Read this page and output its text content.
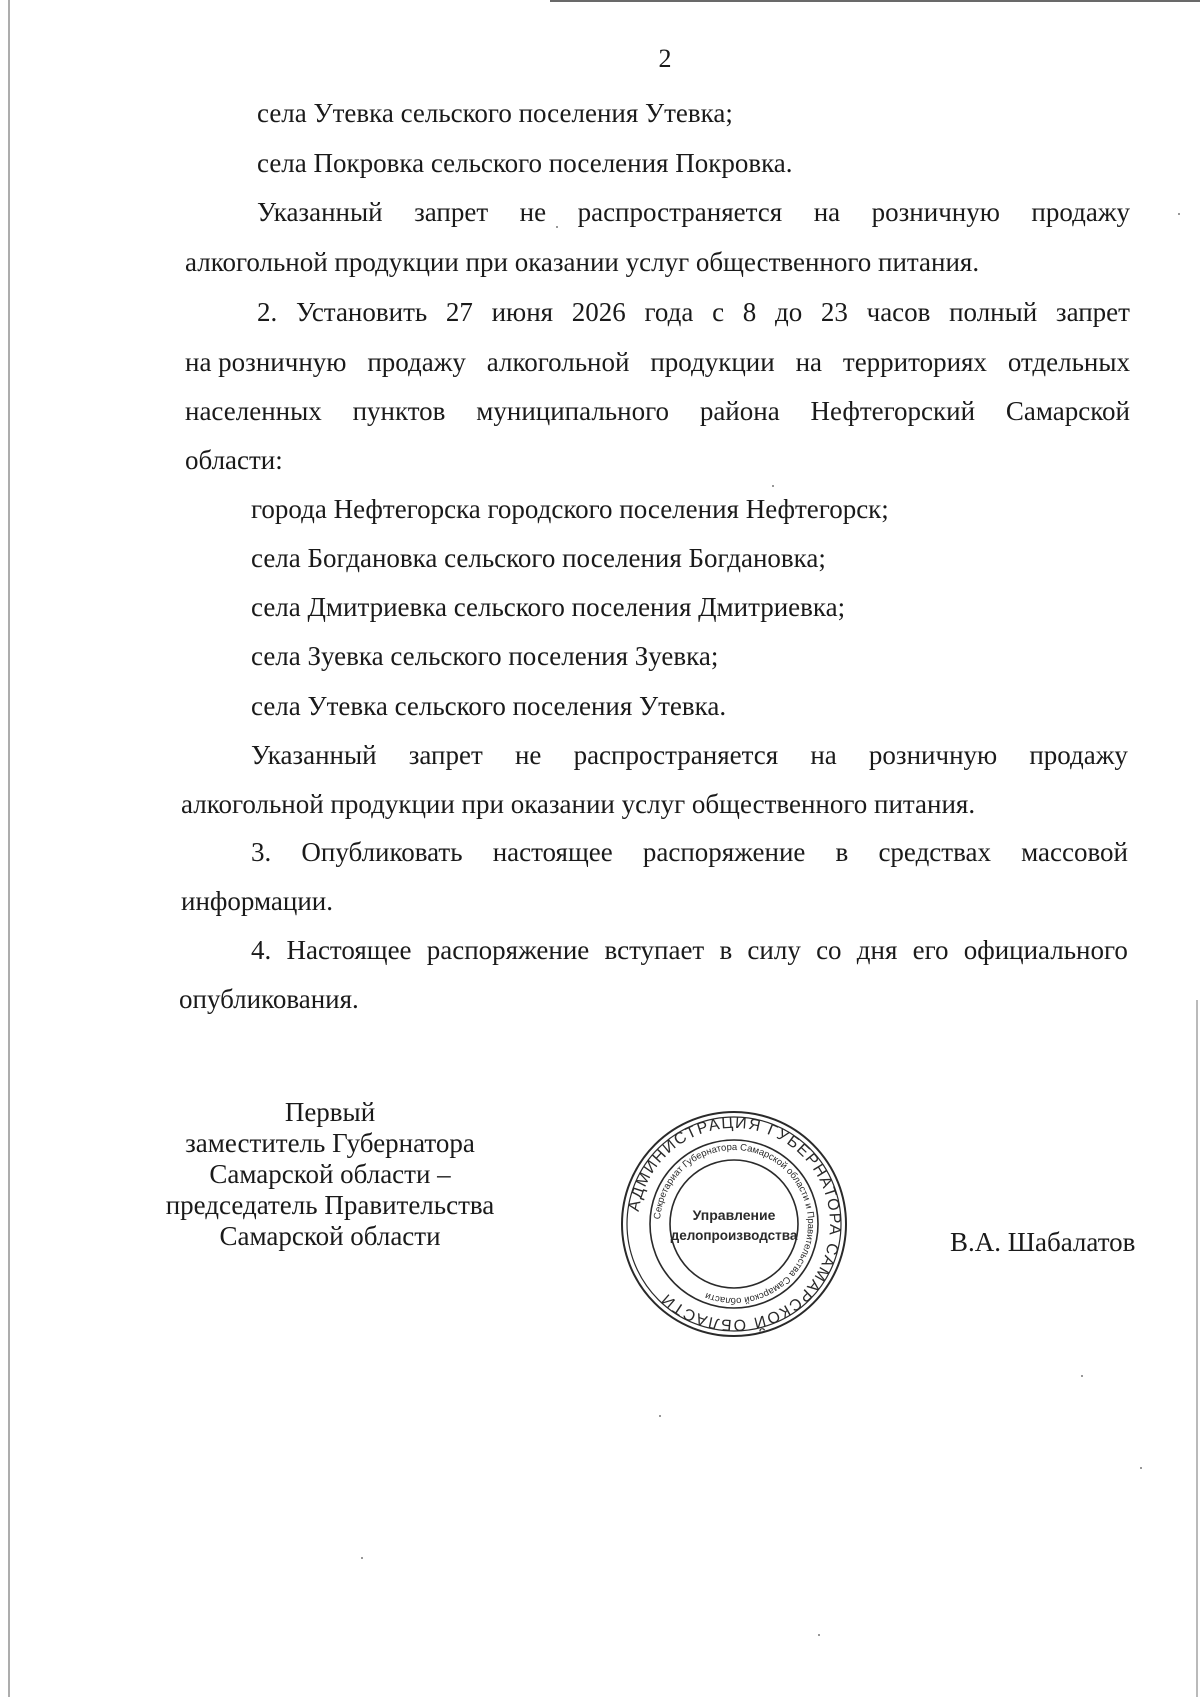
2
села Утевка сельского поселения Утевка;
села Покровка сельского поселения Покровка.
Указанный запрет не распространяется на розничную продажу
алкогольной продукции при оказании услуг общественного питания.
2. Установить 27 июня 2026 года с 8 до 23 часов полный запрет
на розничную продажу алкогольной продукции на территориях отдельных
населенных пунктов муниципального района Нефтегорский Самарской
области:
города Нефтегорска городского поселения Нефтегорск;
села Богдановка сельского поселения Богдановка;
села Дмитриевка сельского поселения Дмитриевка;
села Зуевка сельского поселения Зуевка;
села Утевка сельского поселения Утевка.
Указанный запрет не распространяется на розничную продажу
алкогольной продукции при оказании услуг общественного питания.
3. Опубликовать настоящее распоряжение в средствах массовой
информации.
4. Настоящее распоряжение вступает в силу со дня его официального
опубликования.
Первый
заместитель Губернатора
Самарской области –
председатель Правительства
Самарской области
АДМИНИСТРАЦИЯ ГУБЕРНАТОРА САМАРСКОЙ ОБЛАСТИ
Секретариат Губернатора Самарской области и Правительства Самарской области
Управление
делопроизводства	В.А. Шабалатов
